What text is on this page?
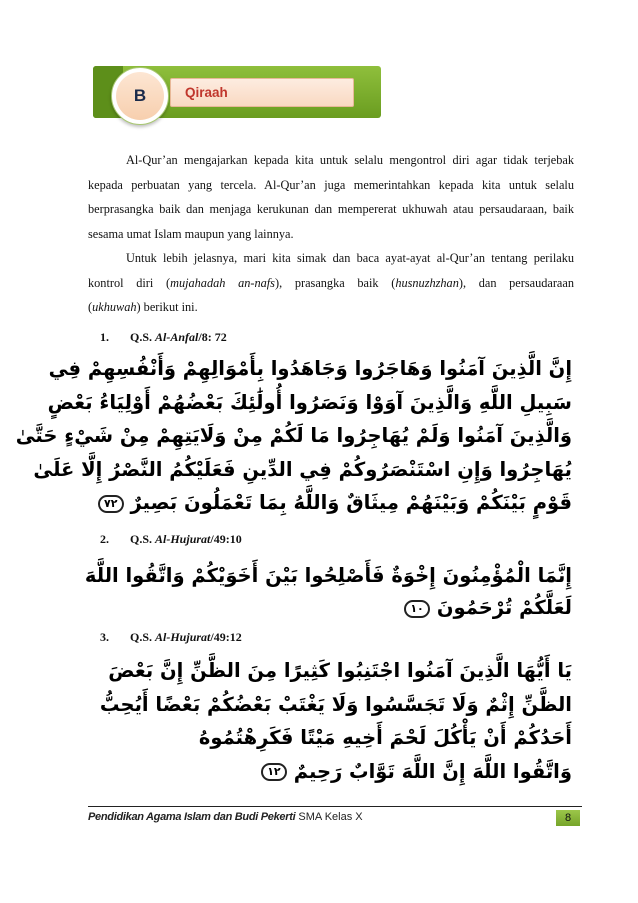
B	Qiraah
Al-Qur’an mengajarkan kepada kita untuk selalu mengontrol diri agar tidak terjebak
kepada perbuatan yang tercela. Al-Qur’an juga memerintahkan kepada kita untuk selalu
berprasangka baik dan menjaga kerukunan dan mempererat ukhuwah atau persaudaraan, baik
sesama umat Islam maupun yang lainnya.
Untuk lebih jelasnya, mari kita simak dan baca ayat-ayat al-Qur’an tentang perilaku
kontrol diri (mujahadah an-nafs), prasangka baik (husnuzhzhan), dan persaudaraan
(ukhuwah) berikut ini.
1. Q.S. Al-Anfal/8: 72
إِنَّ الَّذِينَ آمَنُوا وَهَاجَرُوا وَجَاهَدُوا بِأَمْوَالِهِمْ وَأَنْفُسِهِمْ فِي
سَبِيلِ اللَّهِ وَالَّذِينَ آوَوْا وَنَصَرُوا أُولَٰئِكَ بَعْضُهُمْ أَوْلِيَاءُ بَعْضٍ
وَالَّذِينَ آمَنُوا وَلَمْ يُهَاجِرُوا مَا لَكُمْ مِنْ وَلَايَتِهِمْ مِنْ شَيْءٍ حَتَّىٰ
يُهَاجِرُوا وَإِنِ اسْتَنْصَرُوكُمْ فِي الدِّينِ فَعَلَيْكُمُ النَّصْرُ إِلَّا عَلَىٰ
قَوْمٍ بَيْنَكُمْ وَبَيْنَهُمْ مِيثَاقٌ وَاللَّهُ بِمَا تَعْمَلُونَ بَصِيرٌ ٧٢
2. Q.S. Al-Hujurat/49:10
إِنَّمَا الْمُؤْمِنُونَ إِخْوَةٌ فَأَصْلِحُوا بَيْنَ أَخَوَيْكُمْ وَاتَّقُوا اللَّهَ
لَعَلَّكُمْ تُرْحَمُونَ ١٠
3. Q.S. Al-Hujurat/49:12
يَا أَيُّهَا الَّذِينَ آمَنُوا اجْتَنِبُوا كَثِيرًا مِنَ الظَّنِّ إِنَّ بَعْضَ
الظَّنِّ إِثْمٌ وَلَا تَجَسَّسُوا وَلَا يَغْتَبْ بَعْضُكُمْ بَعْضًا أَيُحِبُّ
أَحَدُكُمْ أَنْ يَأْكُلَ لَحْمَ أَخِيهِ مَيْتًا فَكَرِهْتُمُوهُ
وَاتَّقُوا اللَّهَ إِنَّ اللَّهَ تَوَّابٌ رَحِيمٌ ١٢
Pendidikan Agama Islam dan Budi Pekerti SMA Kelas X	8
